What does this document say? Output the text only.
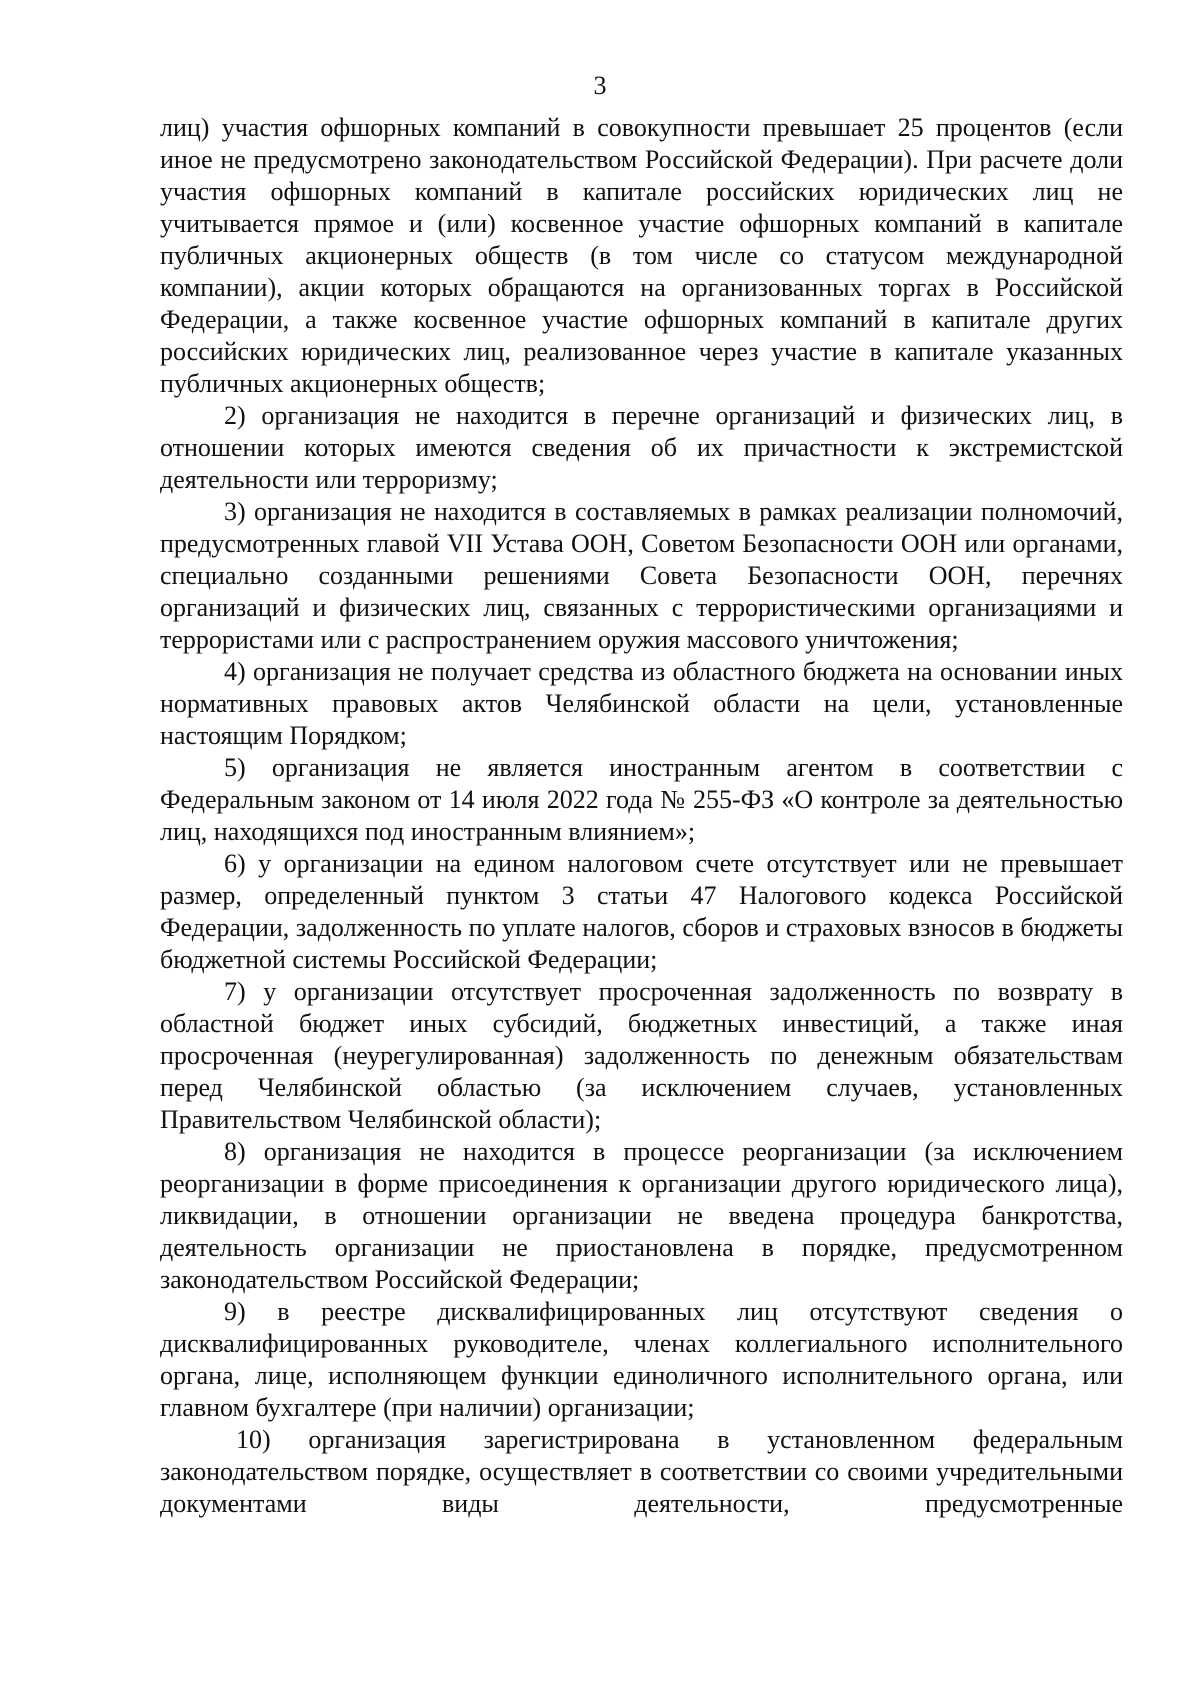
3

лиц) участия офшорных компаний в совокупности превышает 25 процентов (если иное не предусмотрено законодательством Российской Федерации). При расчете доли участия офшорных компаний в капитале российских юридических лиц не учитывается прямое и (или) косвенное участие офшорных компаний в капитале публичных акционерных обществ (в том числе со статусом международной компании), акции которых обращаются на организованных торгах в Российской Федерации, а также косвенное участие офшорных компаний в капитале других российских юридических лиц, реализованное через участие в капитале указанных публичных акционерных обществ;

2) организация не находится в перечне организаций и физических лиц, в отношении которых имеются сведения об их причастности к экстремистской деятельности или терроризму;

3) организация не находится в составляемых в рамках реализации полномочий, предусмотренных главой VII Устава ООН, Советом Безопасности ООН или органами, специально созданными решениями Совета Безопасности ООН, перечнях организаций и физических лиц, связанных с террористическими организациями и террористами или с распространением оружия массового уничтожения;

4) организация не получает средства из областного бюджета на основании иных нормативных правовых актов Челябинской области на цели, установленные настоящим Порядком;

5) организация не является иностранным агентом в соответствии с Федеральным законом от 14 июля 2022 года № 255-ФЗ «О контроле за деятельностью лиц, находящихся под иностранным влиянием»;

6) у организации на едином налоговом счете отсутствует или не превышает размер, определенный пунктом 3 статьи 47 Налогового кодекса Российской Федерации, задолженность по уплате налогов, сборов и страховых взносов в бюджеты бюджетной системы Российской Федерации;

7) у организации отсутствует просроченная задолженность по возврату в областной бюджет иных субсидий, бюджетных инвестиций, а также иная просроченная (неурегулированная) задолженность по денежным обязательствам перед Челябинской областью (за исключением случаев, установленных Правительством Челябинской области);

8) организация не находится в процессе реорганизации (за исключением реорганизации в форме присоединения к организации другого юридического лица), ликвидации, в отношении организации не введена процедура банкротства, деятельность организации не приостановлена в порядке, предусмотренном законодательством Российской Федерации;

9) в реестре дисквалифицированных лиц отсутствуют сведения о дисквалифицированных руководителе, членах коллегиального исполнительного органа, лице, исполняющем функции единоличного исполнительного органа, или главном бухгалтере (при наличии) организации;

10) организация зарегистрирована в установленном федеральным законодательством порядке, осуществляет в соответствии со своими учредительными документами виды деятельности, предусмотренные
